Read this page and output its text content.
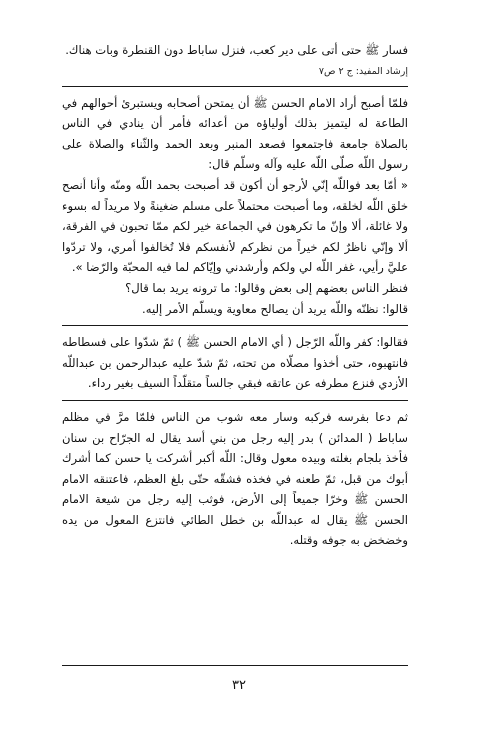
فسار ﷺ حتى أتى على دير كعب، فنزل ساباط دون القنطرة وبات هناك.

إرشاد المفيد: ج ٢ ص٧

فلمّا أصبح أراد الامام الحسن ﷺ أن يمتحن أصحابه ويستبرئ أحوالهم في الطاعة له ليتميز بذلك أولياؤه من أعدائه فأمر أن ينادي في الناس بالصلاة جامعة فاجتمعوا فصعد المنبر وبعد الحمد والثّناء والصلاة على رسول اللّه صلّى اللّه عليه وآله وسلّم قال:

« أمّا بعد فواللّه إنّي لأرجو أن أكون قد أصبحت بحمد اللّه ومنّه وأنا أنصح خلق اللّه لخلقه، وما أصبحت محتملاً على مسلم ضغينةً ولا مريداً له بسوء ولا غائلة، ألا وإنّ ما تكرهون في الجماعة خير لكم ممّا تحبون في الفرقة، ألا وإنّي ناظرٌ لكم خيراً من نظركم لأنفسكم فلا تُخالفوا أمري، ولا تردّوا عليَّ رأيي، غفر اللّه لي ولكم وأرشدني وإيّاكم لما فيه المحبّة والرّضا ».

فنظر الناس بعضهم إلى بعض وقالوا: ما ترونه يريد بما قال؟

قالوا: نظنّه واللّه يريد أن يصالح معاوية ويسلّم الأمر إليه.

فقالوا: كفر واللّه الرّجل ( أي الامام الحسن ﷺ ) ثمّ شدّوا على فسطاطه فانتهبوه، حتى أخذوا مصلّاه من تحته، ثمّ شدّ عليه عبدالرحمن بن عبداللّه الأزدي فنزع مطرفه عن عاتقه فبقي جالساً متقلّداً السيف بغير رداء.

ثم دعا بفرسه فركبه وسار معه شوب من الناس فلمّا مرَّ في مظلم ساباط ( المدائن ) بدر إليه رجل من بني أسد يقال له الجرّاح بن سنان فأخذ بلجام بغلته وبيده معول وقال: اللّه أكبر أشركت يا حسن كما أشرك أبوك من قبل، ثمّ طعنه في فخذه فشقّه حتّى بلغ العظم، فاعتنقه الامام الحسن ﷺ وخرّا جميعاً إلى الأرض، فوثب إليه رجل من شيعة الامام الحسن ﷺ يقال له عبداللّه بن خطل الطائي فانتزع المعول من يده وخضخض به جوفه وقتله.

٣٢
